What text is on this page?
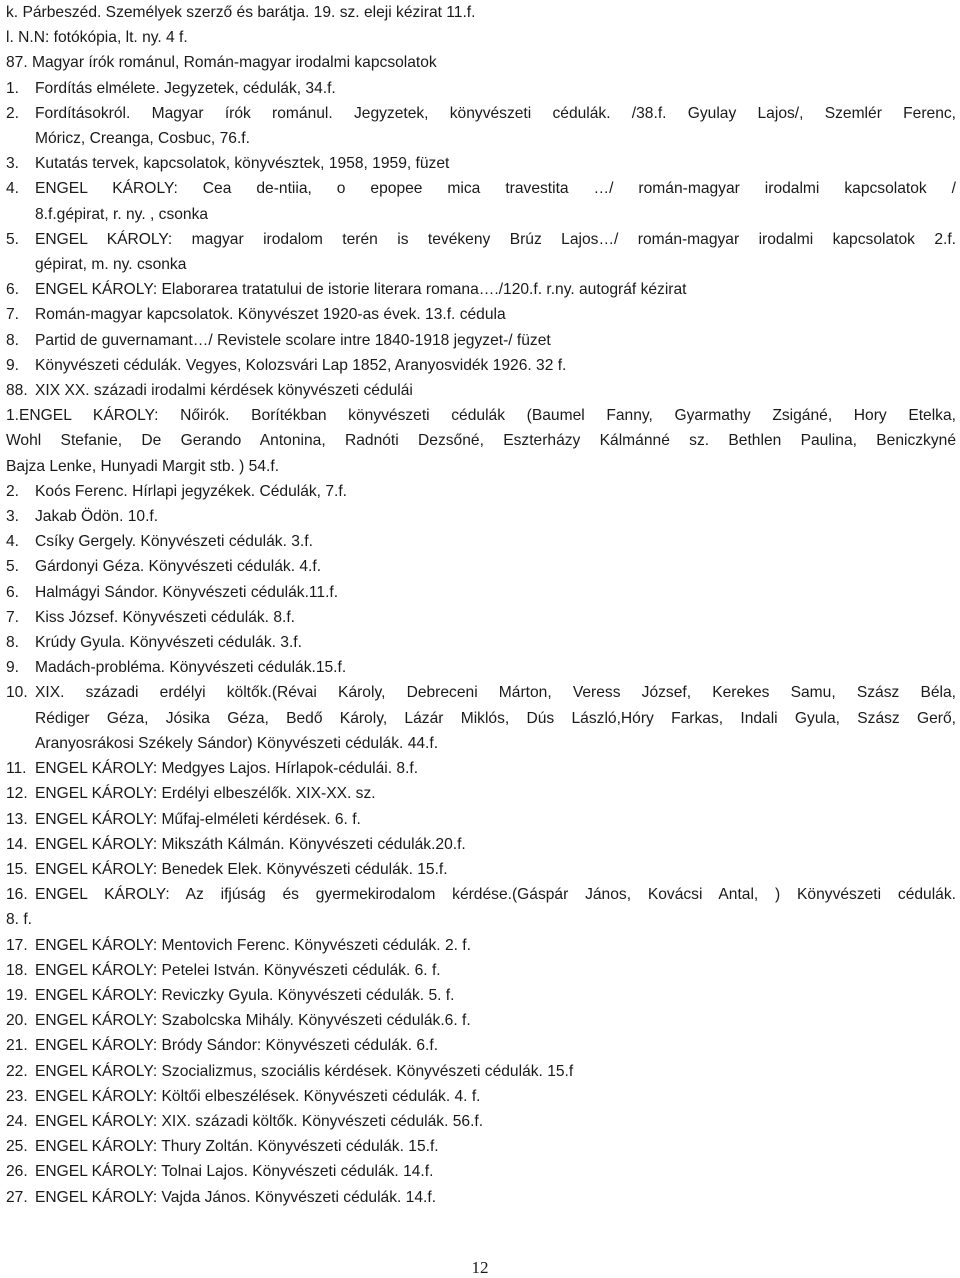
k. Párbeszéd. Személyek szerző és barátja. 19. sz. eleji kézirat 11.f.
l. N.N: fotókópia, lt. ny. 4 f.
87. Magyar írók románul, Román-magyar irodalmi kapcsolatok
1.	Fordítás elmélete. Jegyzetek, cédulák, 34.f.
2.	Fordításokról. Magyar írók románul. Jegyzetek, könyvészeti cédulák. /38.f. Gyulay Lajos/, Szemlér Ferenc,
Móricz, Creanga, Cosbuc, 76.f.
3.	Kutatás tervek, kapcsolatok, könyvésztek, 1958, 1959, füzet
4.	ENGEL KÁROLY: Cea de-ntiia, o epopee mica travestita …/ román-magyar irodalmi kapcsolatok /
8.f.gépirat, r. ny. , csonka
5.	ENGEL KÁROLY: magyar irodalom terén is tevékeny Brúz Lajos…/ román-magyar irodalmi kapcsolatok 2.f.
gépirat, m. ny. csonka
6.	ENGEL KÁROLY: Elaborarea tratatului de istorie literara romana…./120.f. r.ny. autográf kézirat
7.	Román-magyar kapcsolatok. Könyvészet 1920-as évek. 13.f. cédula
8.	Partid de guvernamant…/ Revistele scolare intre 1840-1918 jegyzet-/ füzet
9.	Könyvészeti cédulák. Vegyes, Kolozsvári Lap 1852, Aranyosvidék 1926. 32 f.
88. XIX XX. századi irodalmi kérdések könyvészeti cédulái
1.ENGEL KÁROLY: Nőirók. Borítékban könyvészeti cédulák (Baumel Fanny, Gyarmathy Zsigáné, Hory Etelka,
Wohl Stefanie, De Gerando Antonina, Radnóti Dezsőné, Eszterházy Kálmánné sz. Bethlen Paulina, Beniczkyné
Bajza Lenke, Hunyadi Margit stb. ) 54.f.
2.	Koós Ferenc. Hírlapi jegyzékek. Cédulák, 7.f.
3.	Jakab Ödön. 10.f.
4.	Csíky Gergely. Könyvészeti cédulák. 3.f.
5.	Gárdonyi Géza. Könyvészeti cédulák. 4.f.
6.	Halmágyi Sándor. Könyvészeti cédulák.11.f.
7.	Kiss József. Könyvészeti cédulák. 8.f.
8.	Krúdy Gyula. Könyvészeti cédulák. 3.f.
9.	Madách-probléma. Könyvészeti cédulák.15.f.
10. XIX. századi erdélyi költők.(Révai Károly, Debreceni Márton, Veress József, Kerekes Samu, Szász Béla,
Rédiger Géza, Jósika Géza, Bedő Károly, Lázár Miklós, Dús László,Hóry Farkas, Indali Gyula, Szász Gerő,
Aranyosrákosi Székely Sándor) Könyvészeti cédulák. 44.f.
11. ENGEL KÁROLY: Medgyes Lajos. Hírlapok-cédulái. 8.f.
12. ENGEL KÁROLY: Erdélyi elbeszélők. XIX-XX. sz.
13. ENGEL KÁROLY: Műfaj-elméleti kérdések. 6. f.
14. ENGEL KÁROLY: Mikszáth Kálmán. Könyvészeti cédulák.20.f.
15. ENGEL KÁROLY: Benedek Elek. Könyvészeti cédulák. 15.f.
16. ENGEL KÁROLY: Az ifjúság és gyermekirodalom kérdése.(Gáspár János, Kovácsi Antal, ) Könyvészeti cédulák.
8. f.
17. ENGEL KÁROLY: Mentovich Ferenc. Könyvészeti cédulák. 2. f.
18. ENGEL KÁROLY: Petelei István. Könyvészeti cédulák. 6. f.
19. ENGEL KÁROLY: Reviczky Gyula. Könyvészeti cédulák. 5. f.
20. ENGEL KÁROLY: Szabolcska Mihály. Könyvészeti cédulák.6. f.
21. ENGEL KÁROLY: Bródy Sándor: Könyvészeti cédulák. 6.f.
22. ENGEL KÁROLY: Szocializmus, szociális kérdések. Könyvészeti cédulák. 15.f
23. ENGEL KÁROLY: Költői elbeszélések. Könyvészeti cédulák. 4. f.
24. ENGEL KÁROLY: XIX. századi költők. Könyvészeti cédulák. 56.f.
25. ENGEL KÁROLY: Thury Zoltán. Könyvészeti cédulák. 15.f.
26. ENGEL KÁROLY: Tolnai Lajos. Könyvészeti cédulák. 14.f.
27. ENGEL KÁROLY: Vajda János. Könyvészeti cédulák. 14.f.
12
